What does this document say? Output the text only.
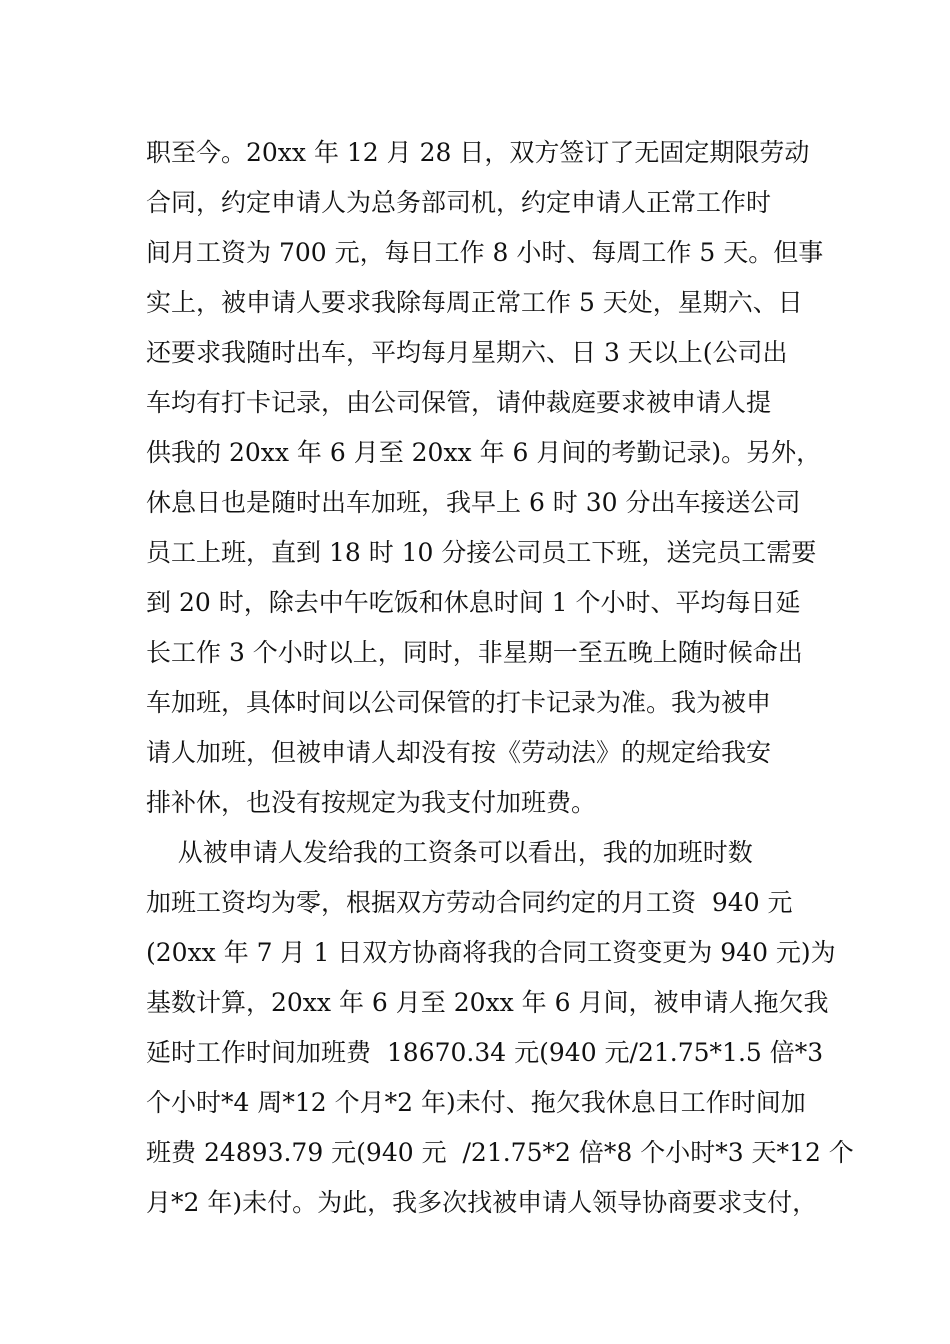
职至今。20xx 年 12 月 28 日，双方签订了无固定期限劳动
合同，约定申请人为总务部司机，约定申请人正常工作时
间月工资为 700 元，每日工作 8 小时、每周工作 5 天。但事
实上，被申请人要求我除每周正常工作 5 天处，星期六、日
还要求我随时出车，平均每月星期六、日 3 天以上(公司出
车均有打卡记录，由公司保管，请仲裁庭要求被申请人提
供我的 20xx 年 6 月至 20xx 年 6 月间的考勤记录)。另外，
休息日也是随时出车加班，我早上 6 时 30 分出车接送公司
员工上班，直到 18 时 10 分接公司员工下班，送完员工需要
到 20 时，除去中午吃饭和休息时间 1 个小时、平均每日延
长工作 3 个小时以上，同时，非星期一至五晚上随时候命出
车加班，具体时间以公司保管的打卡记录为准。我为被申
请人加班，但被申请人却没有按《劳动法》的规定给我安
排补休，也没有按规定为我支付加班费。
从被申请人发给我的工资条可以看出，我的加班时数
加班工资均为零，根据双方劳动合同约定的月工资  940 元
(20xx 年 7 月 1 日双方协商将我的合同工资变更为 940 元)为
基数计算，20xx 年 6 月至 20xx 年 6 月间，被申请人拖欠我
延时工作时间加班费  18670.34 元(940 元/21.75*1.5 倍*3
个小时*4 周*12 个月*2 年)未付、拖欠我休息日工作时间加
班费 24893.79 元(940 元  /21.75*2 倍*8 个小时*3 天*12 个
月*2 年)未付。为此，我多次找被申请人领导协商要求支付，
